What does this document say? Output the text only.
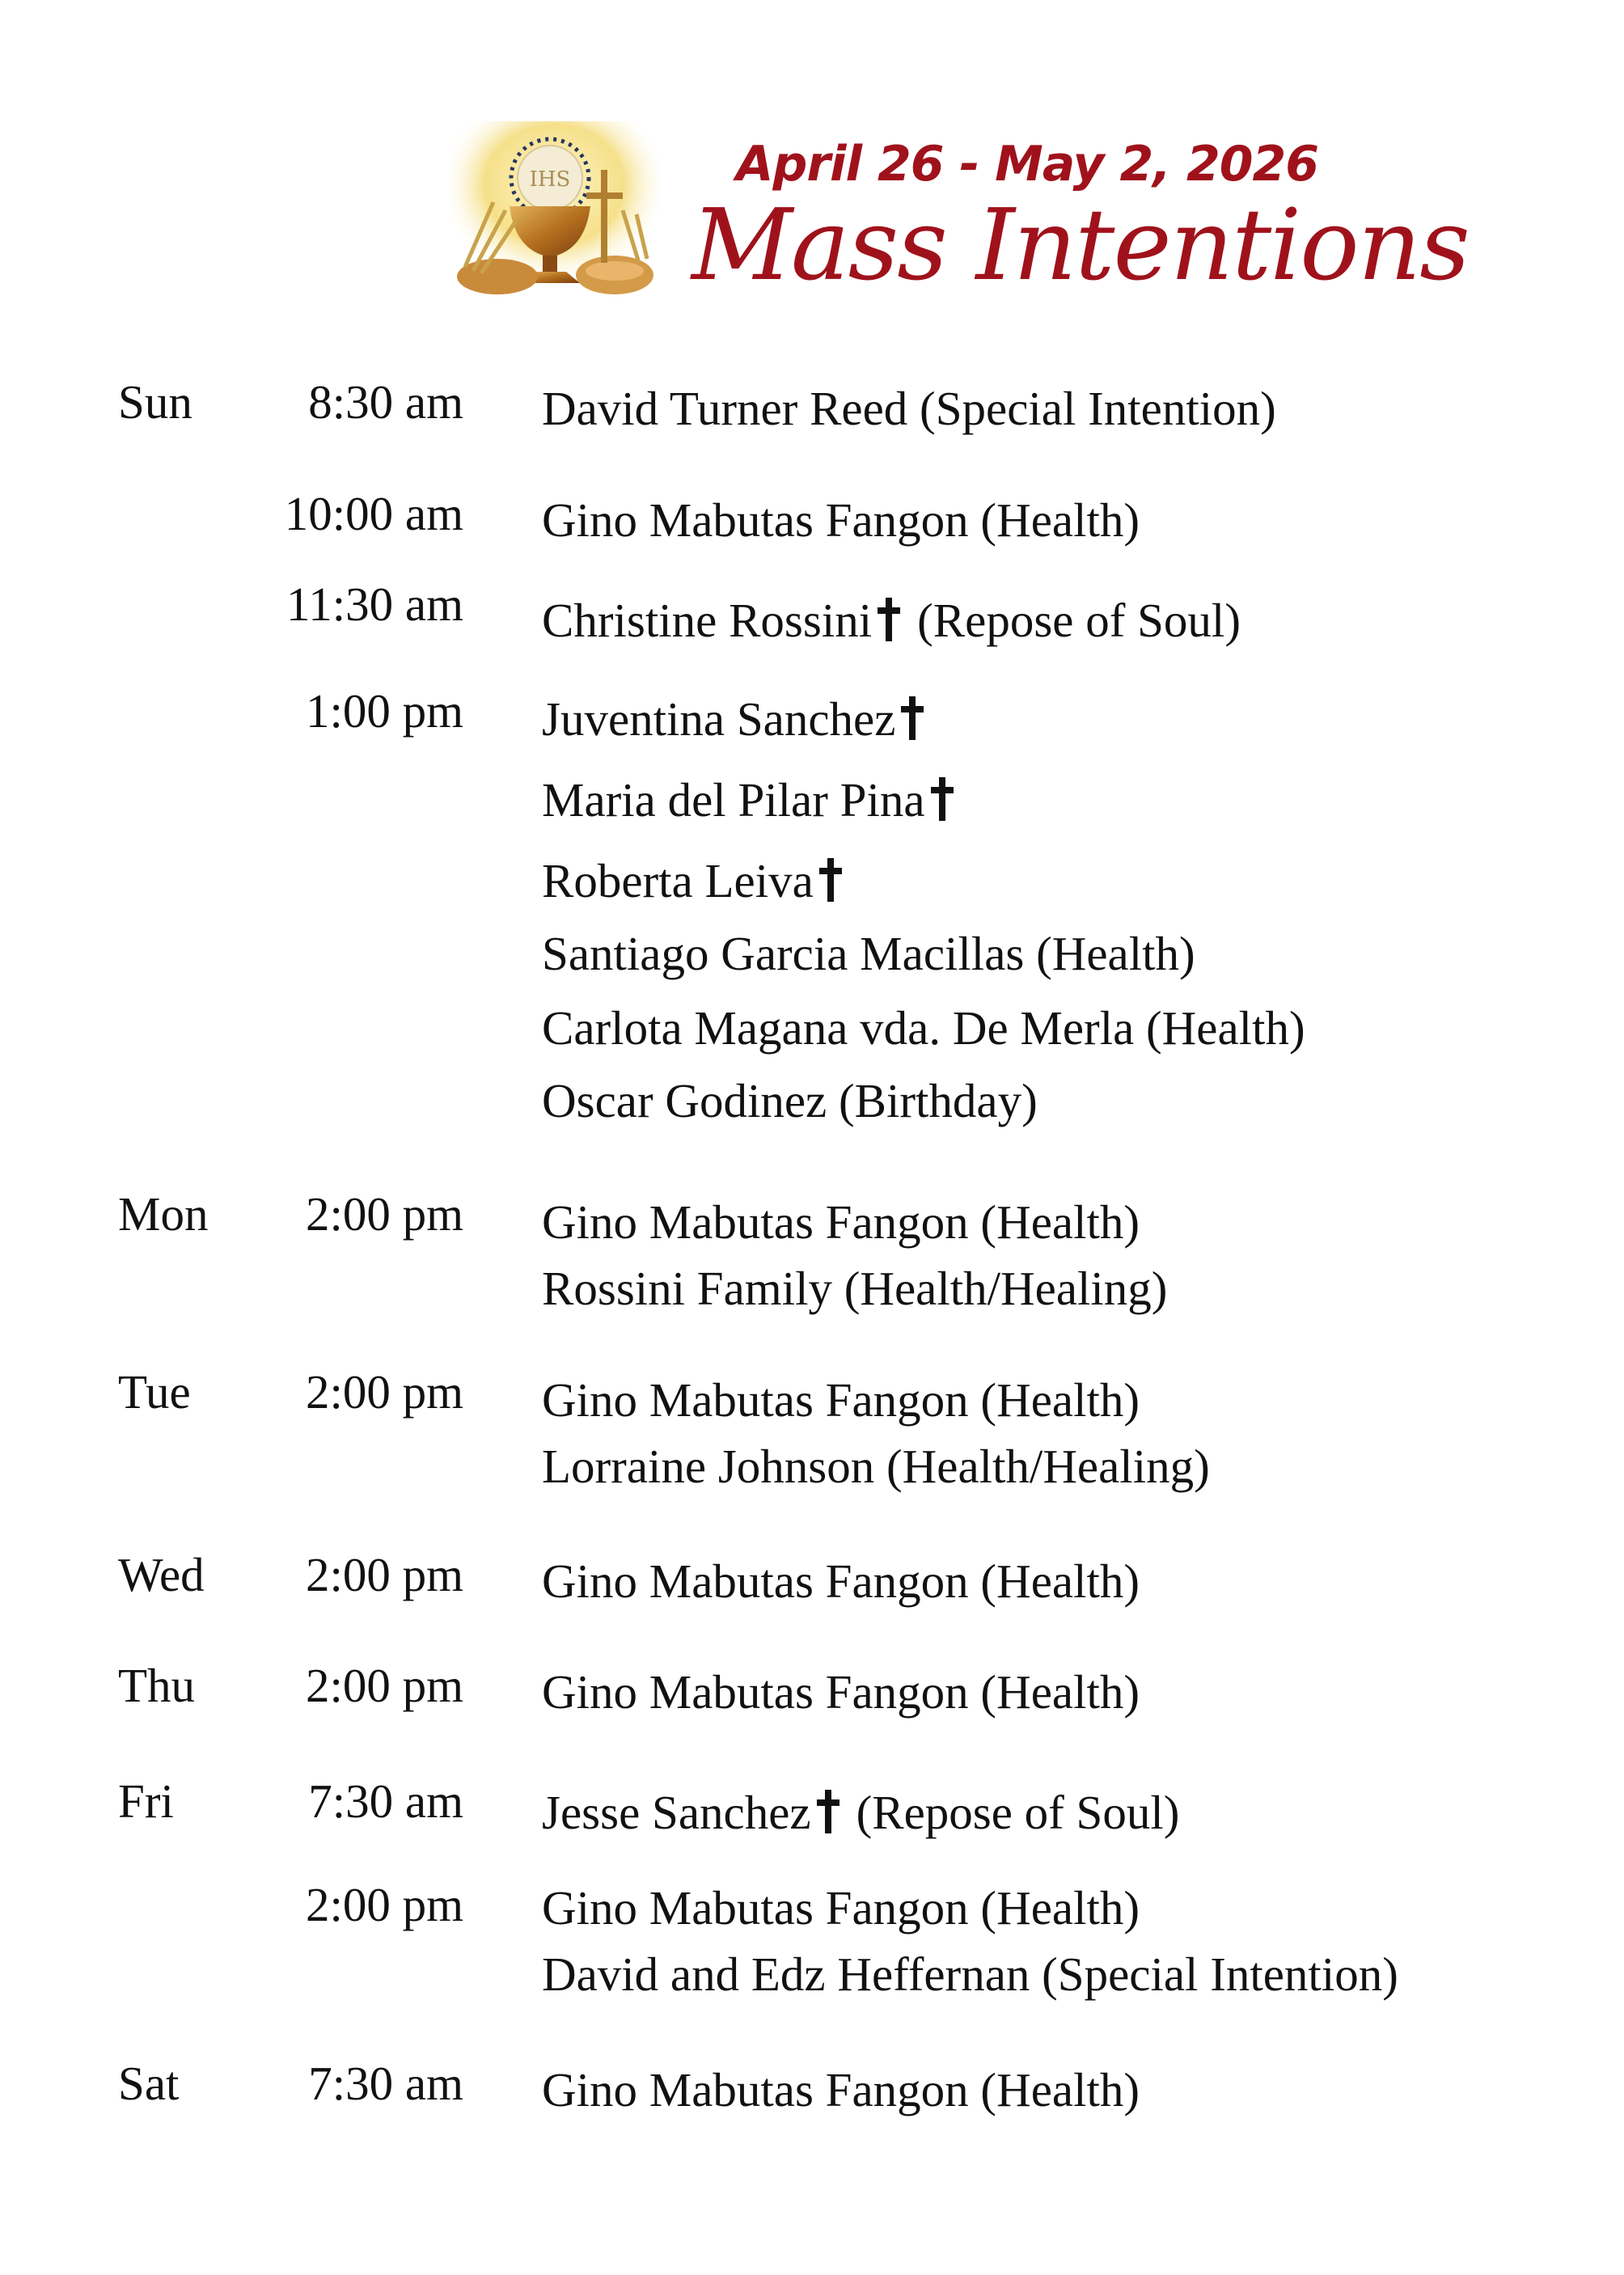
IHS	April 26 - May 2, 2026
Mass Intentions
Sun 8:30 am David Turner Reed (Special Intention)
10:00 am Gino Mabutas Fangon (Health)
11:30 am Christine Rossini (Repose of Soul)
1:00 pm Juventina Sanchez
Maria del Pilar Pina
Roberta Leiva
Santiago Garcia Macillas (Health)
Carlota Magana vda. De Merla (Health)
Oscar Godinez (Birthday)
Mon 2:00 pm Gino Mabutas Fangon (Health)
Rossini Family (Health/Healing)
Tue 2:00 pm Gino Mabutas Fangon (Health)
Lorraine Johnson (Health/Healing)
Wed 2:00 pm Gino Mabutas Fangon (Health)
Thu 2:00 pm Gino Mabutas Fangon (Health)
Fri	7:30 am Jesse Sanchez (Repose of Soul)
2:00 pm Gino Mabutas Fangon (Health)
David and Edz Heffernan (Special Intention)
Sat	7:30 am Gino Mabutas Fangon (Health)
